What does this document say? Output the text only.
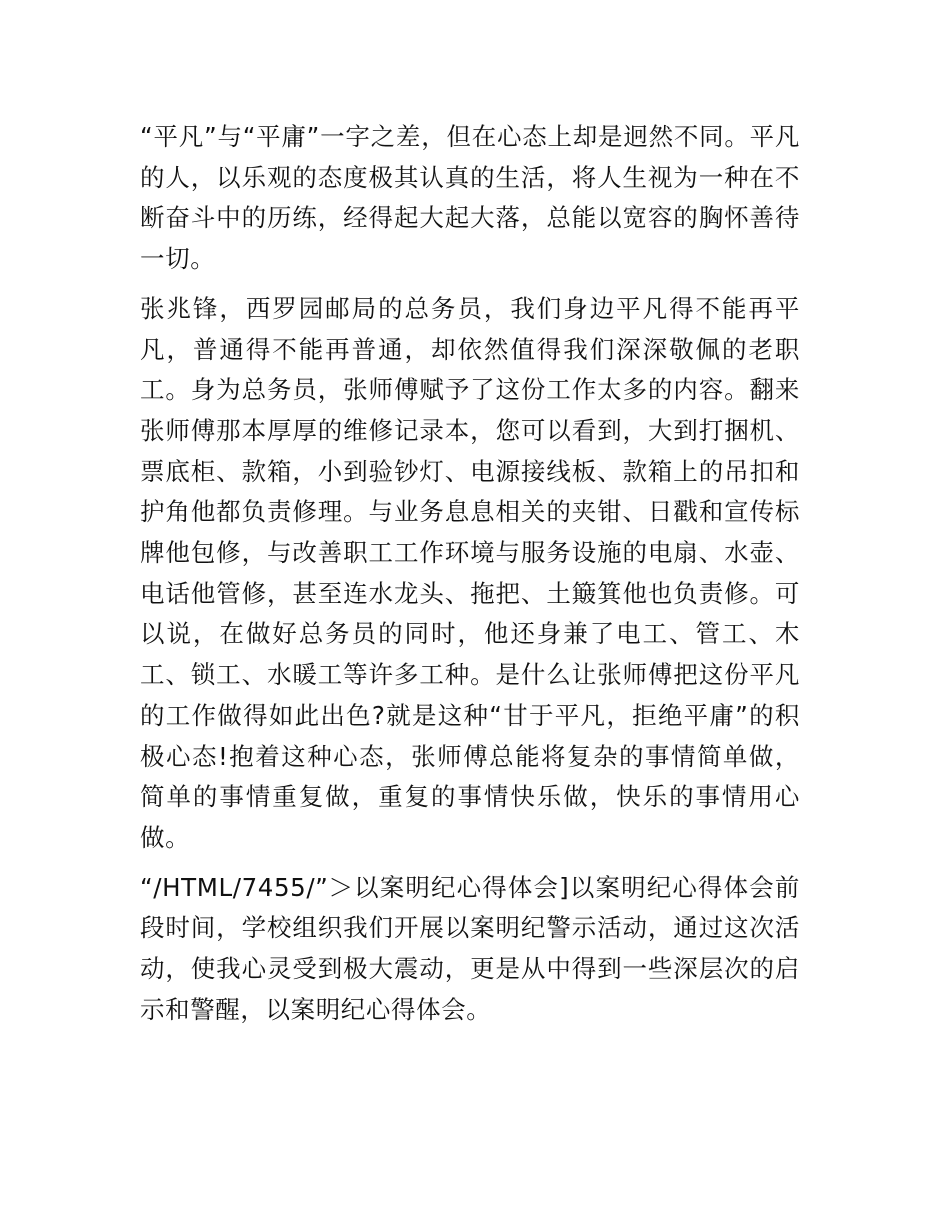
“平凡”与“平庸”一字之差，但在心态上却是迥然不同。平凡的人，以乐观的态度极其认真的生活，将人生视为一种在不断奋斗中的历练，经得起大起大落，总能以宽容的胸怀善待一切。

张兆锋，西罗园邮局的总务员，我们身边平凡得不能再平凡，普通得不能再普通，却依然值得我们深深敬佩的老职工。身为总务员，张师傅赋予了这份工作太多的内容。翻来张师傅那本厚厚的维修记录本，您可以看到，大到打捆机、票底柜、款箱，小到验钞灯、电源接线板、款箱上的吊扣和护角他都负责修理。与业务息息相关的夹钳、日戳和宣传标牌他包修，与改善职工工作环境与服务设施的电扇、水壶、电话他管修，甚至连水龙头、拖把、土簸箕他也负责修。可以说，在做好总务员的同时，他还身兼了电工、管工、木工、锁工、水暖工等许多工种。是什么让张师傅把这份平凡的工作做得如此出色?就是这种“甘于平凡，拒绝平庸”的积极心态!抱着这种心态，张师傅总能将复杂的事情简单做，简单的事情重复做，重复的事情快乐做，快乐的事情用心做。

“/HTML/7455/”＞以案明纪心得体会]以案明纪心得体会前段时间，学校组织我们开展以案明纪警示活动，通过这次活动，使我心灵受到极大震动，更是从中得到一些深层次的启示和警醒，以案明纪心得体会。
